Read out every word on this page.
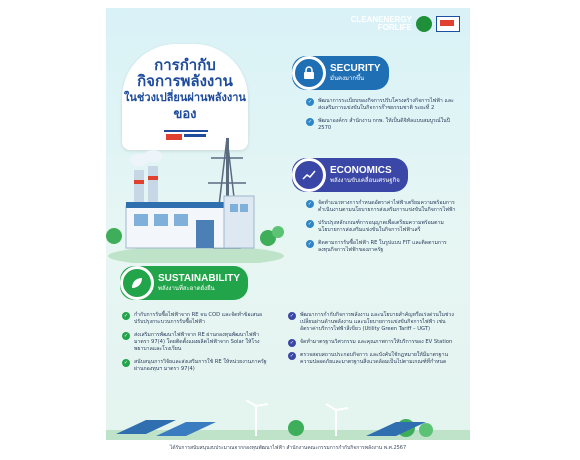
CLEANENERGY
FORLIFE
การกำกับ
กิจการพลังงาน
ในช่วงเปลี่ยนผ่านพลังงาน
ของ
SECURITY
มั่นคงมากขึ้น
✓	พัฒนาการระเบียบของกิจการปรับโครงสร้างกิจการไฟฟ้า และส่งเสริมการแข่งขันในกิจการก๊าซธรรมชาติ ระยะที่ 2
✓	พัฒนาองค์กร สำนักงาน กกพ. ให้เป็นดิจิทัลแบบสมบูรณ์ในปี 2570
ECONOMICS
พลังงานขับเคลื่อนเศรษฐกิจ
✓	จัดทำแนวทางการกำหนดอัตราค่าไฟฟ้าเตรียมความพร้อมการดำเนินงานตามนโยบายการส่งเสริมการแข่งขันในกิจการไฟฟ้า
✓	ปรับปรุงหลักเกณฑ์การอนุญาตเพื่อเตรียมความพร้อมตามนโยบายการส่งเสริมแข่งขันในกิจการไฟฟ้าเสรี
✓	ติดตามการรับซื้อไฟฟ้า RE ในรูปแบบ FIT และติดตามการลงทุนกิจการไฟฟ้าของภาครัฐ
SUSTAINABILITY
พลังงานที่สะอาดยั่งยืน
✓	กำกับการรับซื้อไฟฟ้าจาก RE จน COD และจัดทำข้อเสนอปรับปรุงกระบวนการรับซื้อไฟฟ้า
✓	ส่งเสริมการพัฒนาไฟฟ้าจาก RE ผ่านกองทุนพัฒนาไฟฟ้า มาตรา 97(4) โดยติดตั้งแผงผลิตไฟฟ้าจาก Solar ให้โรงพยาบาลและโรงเรียน
✓	สนับสนุนการวิจัยและส่งเสริมการใช้ RE ให้หน่วยงานภาครัฐผ่านกองทุนฯ มาตรา 97(4)
✓	พัฒนาการกำกับกิจการพลังงาน และนโยบายสำคัญหรือเร่งด่วนในช่วงเปลี่ยนผ่านด้านพลังงาน และนโยบายการแข่งขันกิจการไฟฟ้า เช่น อัตราค่าบริการไฟฟ้าสีเขียว (Utility Green Tariff – UGT)
✓	จัดทำมาตรฐานวิศวกรรม และคุณภาพการให้บริการของ EV Station
✓	ตรวจสอบสถานประกอบกิจการ และบังคับใช้กฎหมายให้มีมาตรฐานความปลอดภัยและมาตรฐานสิ่งแวดล้อมเป็นไปตามเกณฑ์ที่กำหนด
ได้รับการสนับสนุนงบประมาณจากกองทุนพัฒนาไฟฟ้า สำนักงานคณะกรรมการกำกับกิจการพลังงาน พ.ศ.2567
